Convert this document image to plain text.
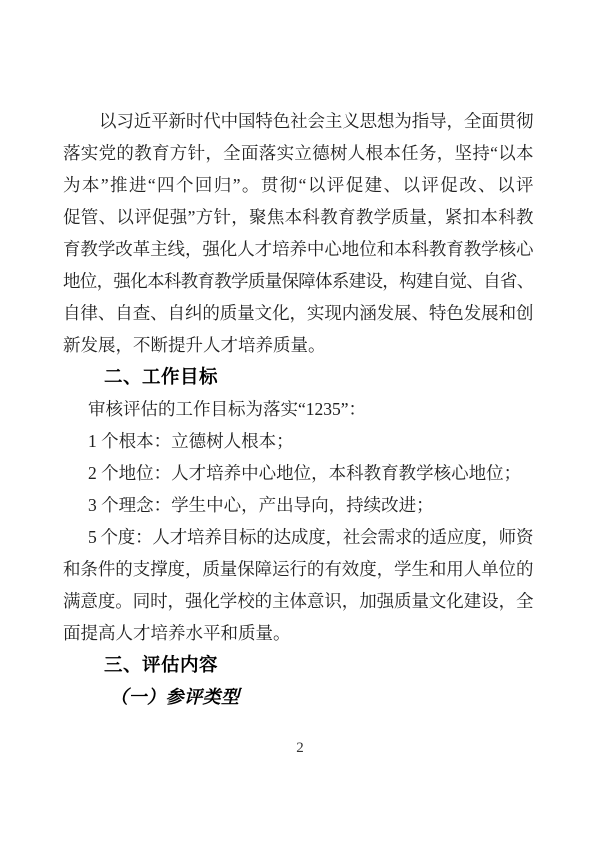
以习近平新时代中国特色社会主义思想为指导，全面贯彻
落实党的教育方针，全面落实立德树人根本任务，坚持“以本
为本”推进“四个回归”。贯彻“以评促建、以评促改、以评
促管、以评促强”方针，聚焦本科教育教学质量，紧扣本科教
育教学改革主线，强化人才培养中心地位和本科教育教学核心
地位，强化本科教育教学质量保障体系建设，构建自觉、自省、
自律、自查、自纠的质量文化，实现内涵发展、特色发展和创
新发展，不断提升人才培养质量。
二、工作目标
审核评估的工作目标为落实“1235”：
1 个根本：立德树人根本；
2 个地位：人才培养中心地位，本科教育教学核心地位；
3 个理念：学生中心，产出导向，持续改进；
5 个度：人才培养目标的达成度，社会需求的适应度，师资
和条件的支撑度，质量保障运行的有效度，学生和用人单位的
满意度。同时，强化学校的主体意识，加强质量文化建设，全
面提高人才培养水平和质量。
三、评估内容
（一）参评类型
2
